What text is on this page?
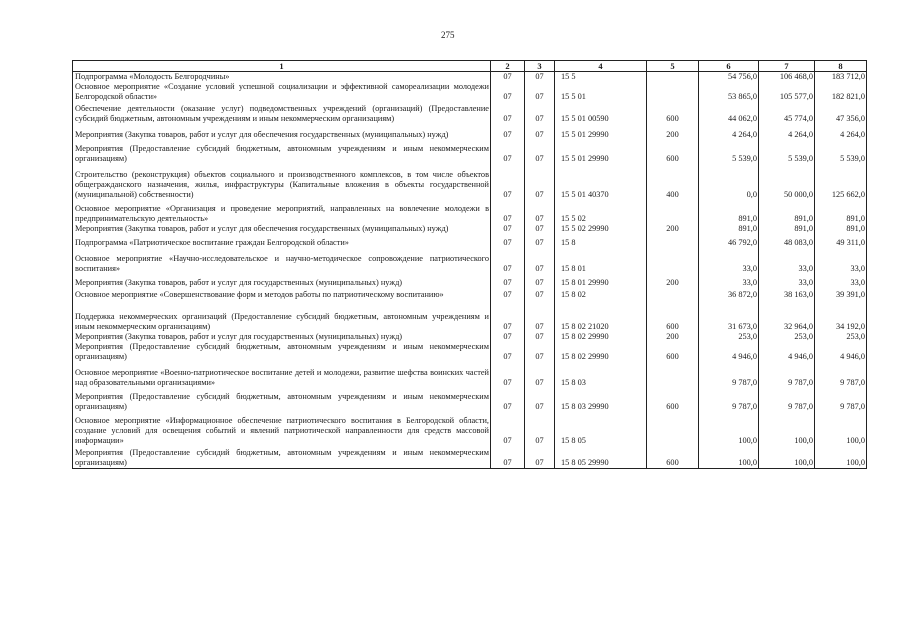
275
1	2	3	4	5	6	7	8
Подпрограмма «Молодость Белгородчины»	07	07	15 5		54 756,0	106 468,0	183 712,0
Основное мероприятие «Создание условий успешной социализации и эффективной самореализации молодежи Белгородской области»	07	07	15 5 01		53 865,0	105 577,0	182 821,0
Обеспечение деятельности (оказание услуг) подведомственных учреждений (организаций) (Предоставление субсидий бюджетным, автономным учреждениям и иным некоммерческим организациям)	07	07	15 5 01 00590	600	44 062,0	45 774,0	47 356,0
Мероприятия (Закупка товаров, работ и услуг для обеспечения государственных (муниципальных) нужд)	07	07	15 5 01 29990	200	4 264,0	4 264,0	4 264,0
Мероприятия (Предоставление субсидий бюджетным, автономным учреждениям и иным некоммерческим организациям)	07	07	15 5 01 29990	600	5 539,0	5 539,0	5 539,0
Строительство (реконструкция) объектов социального и производственного комплексов, в том числе объектов общегражданского назначения, жилья, инфраструктуры (Капитальные вложения в объекты государственной (муниципальной) собственности)	07	07	15 5 01 40370	400	0,0	50 000,0	125 662,0
Основное мероприятие «Организация и проведение мероприятий, направленных на вовлечение молодежи в предпринимательскую деятельность»	07	07	15 5 02		891,0	891,0	891,0
Мероприятия (Закупка товаров, работ и услуг для обеспечения государственных (муниципальных) нужд)	07	07	15 5 02 29990	200	891,0	891,0	891,0
Подпрограмма «Патриотическое воспитание граждан Белгородской области»	07	07	15 8		46 792,0	48 083,0	49 311,0
Основное мероприятие «Научно-исследовательское и научно-методическое сопровождение патриотического воспитания»	07	07	15 8 01		33,0	33,0	33,0
Мероприятия (Закупка товаров, работ и услуг для государственных (муниципальных) нужд)	07	07	15 8 01 29990	200	33,0	33,0	33,0
Основное мероприятие «Совершенствование форм и методов работы по патриотическому воспитанию»	07	07	15 8 02		36 872,0	38 163,0	39 391,0
Поддержка некоммерческих организаций (Предоставление субсидий бюджетным, автономным учреждениям и иным некоммерческим организациям)	07	07	15 8 02 21020	600	31 673,0	32 964,0	34 192,0
Мероприятия (Закупка товаров, работ и услуг для государственных (муниципальных) нужд)	07	07	15 8 02 29990	200	253,0	253,0	253,0
Мероприятия (Предоставление субсидий бюджетным, автономным учреждениям и иным некоммерческим организациям)	07	07	15 8 02 29990	600	4 946,0	4 946,0	4 946,0
Основное мероприятие «Военно-патриотическое воспитание детей и молодежи, развитие шефства воинских частей над образовательными организациями»	07	07	15 8 03		9 787,0	9 787,0	9 787,0
Мероприятия (Предоставление субсидий бюджетным, автономным учреждениям и иным некоммерческим организациям)	07	07	15 8 03 29990	600	9 787,0	9 787,0	9 787,0
Основное мероприятие «Информационное обеспечение патриотического воспитания в Белгородской области, создание условий для освещения событий и явлений патриотической направленности для средств массовой информации»	07	07	15 8 05		100,0	100,0	100,0
Мероприятия (Предоставление субсидий бюджетным, автономным учреждениям и иным некоммерческим организациям)	07	07	15 8 05 29990	600	100,0	100,0	100,0
